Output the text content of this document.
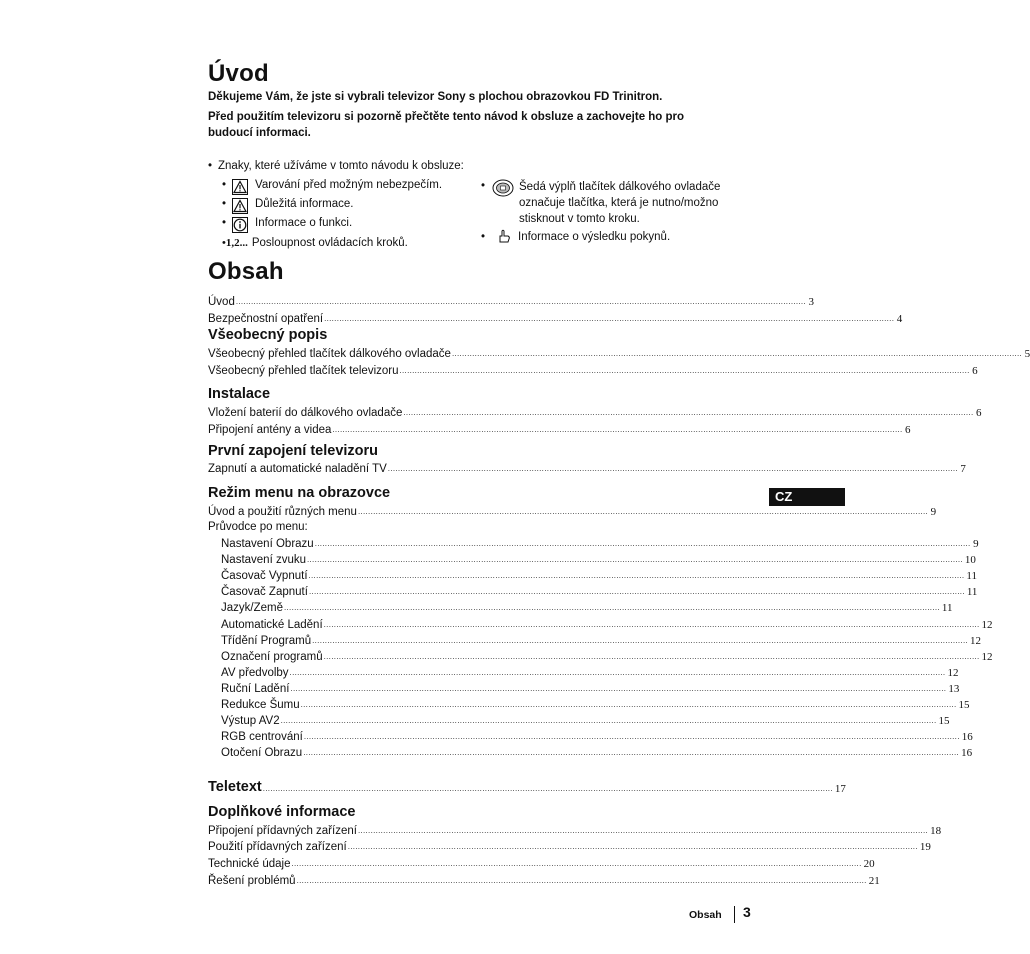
Úvod
Děkujeme Vám, že jste si vybrali televizor Sony s plochou obrazovkou FD Trinitron.
Před použitím televizoru si pozorně přečtěte tento návod k obsluze a zachovejte ho pro
budoucí informaci.
• Znaky, které užíváme v tomto návodu k obsluze:
•	Varování před možným nebezpečím.
•	Důležitá informace.
•	Informace o funkci.
•1,2... Posloupnost ovládacích kroků.
•	Šedá výplň tlačítek dálkového ovladače
označuje tlačítka, která je nutno/možno
stisknout v tomto kroku.
•	Informace o výsledku pokynů.
Obsah
Úvod .................................................................................................................................................................................................................................. 3
Bezpečnostní opatření .................................................................................................................................................................................................................................. 4
Všeobecný popis
Všeobecný přehled tlačítek dálkového ovladače .................................................................................................................................................................................................................................. 5
Všeobecný přehled tlačítek televizoru .................................................................................................................................................................................................................................. 6
Instalace
Vložení baterií do dálkového ovladače .................................................................................................................................................................................................................................. 6
Připojení antény a videa .................................................................................................................................................................................................................................. 6
První zapojení televizoru
Zapnutí a automatické naladění TV .................................................................................................................................................................................................................................. 7
Režim menu na obrazovce
Úvod a použití různých menu .................................................................................................................................................................................................................................. 9
Průvodce po menu:
Nastavení Obrazu .................................................................................................................................................................................................................................................................... 9
Nastavení zvuku .................................................................................................................................................................................................................................................................... 10
Časovač Vypnutí .................................................................................................................................................................................................................................................................... 11
Časovač Zapnutí .................................................................................................................................................................................................................................................................... 11
Jazyk/Země .................................................................................................................................................................................................................................................................... 11
Automatické Ladění .................................................................................................................................................................................................................................................................... 12
Třídění Programů .................................................................................................................................................................................................................................................................... 12
Označení programů .................................................................................................................................................................................................................................................................... 12
AV předvolby .................................................................................................................................................................................................................................................................... 12
Ruční Ladění .................................................................................................................................................................................................................................................................... 13
Redukce Šumu .................................................................................................................................................................................................................................................................... 15
Výstup AV2 .................................................................................................................................................................................................................................................................... 15
RGB centrování .................................................................................................................................................................................................................................................................... 16
Otočení Obrazu .................................................................................................................................................................................................................................................................... 16
Teletext .................................................................................................................................................................................................................................. 17
Doplňkové informace
Připojení přídavných zařízení .................................................................................................................................................................................................................................. 18
Použití přídavných zařízení .................................................................................................................................................................................................................................. 19
Technické údaje .................................................................................................................................................................................................................................. 20
Řešení problémů .................................................................................................................................................................................................................................. 21
CZ
Obsah 3
